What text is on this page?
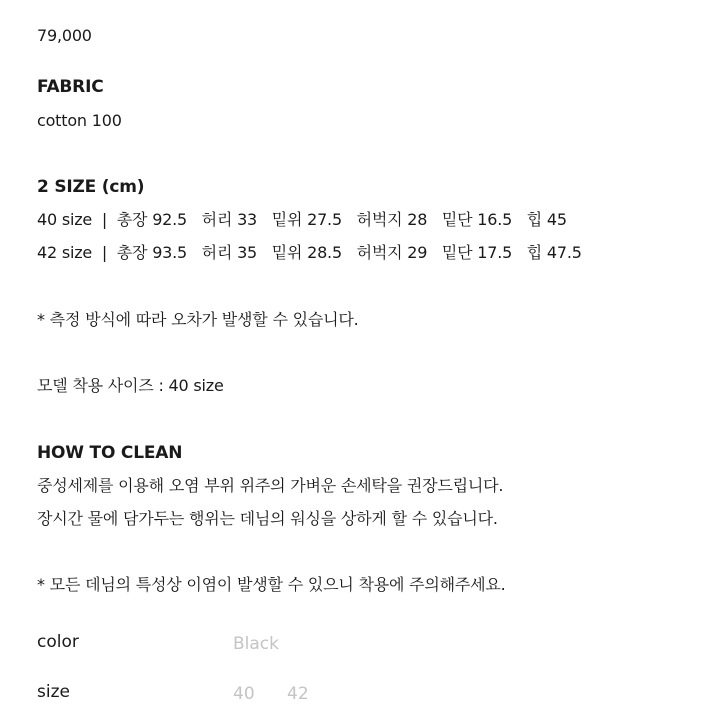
79,000
FABRIC
cotton 100
2 SIZE (cm)
40 size  |  총장 92.5   허리 33   밑위 27.5   허벅지 28   밑단 16.5   힙 45
42 size  |  총장 93.5   허리 35   밑위 28.5   허벅지 29   밑단 17.5   힙 47.5
* 측정 방식에 따라 오차가 발생할 수 있습니다.
모델 착용 사이즈 : 40 size
HOW TO CLEAN
중성세제를 이용해 오염 부위 위주의 가벼운 손세탁을 권장드립니다.
장시간 물에 담가두는 행위는 데님의 워싱을 상하게 할 수 있습니다.
* 모든 데님의 특성상 이염이 발생할 수 있으니 착용에 주의해주세요.
color	Black
size	40 42
